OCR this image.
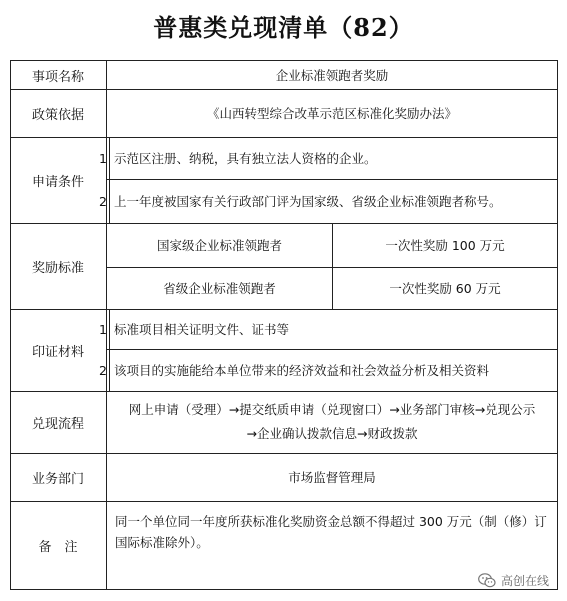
普惠类兑现清单（82）
事项名称
政策依据
申请条件
奖励标准
印证材料
兑现流程
业务部门
备　注
企业标准领跑者奖励
《山西转型综合改革示范区标准化奖励办法》
1 示范区注册、纳税，具有独立法人资格的企业。
2 上一年度被国家有关行政部门评为国家级、省级企业标准领跑者称号。
国家级企业标准领跑者	一次性奖励 100 万元
省级企业标准领跑者	一次性奖励 60 万元
1 标准项目相关证明文件、证书等
2 该项目的实施能给本单位带来的经济效益和社会效益分析及相关资料
网上申请（受理）→提交纸质申请（兑现窗口）→业务部门审核→兑现公示
→企业确认拨款信息→财政拨款
市场监督管理局
同一个单位同一年度所获标准化奖励资金总额不得超过 300 万元（制（修）订国际标准除外）。
高创在线
